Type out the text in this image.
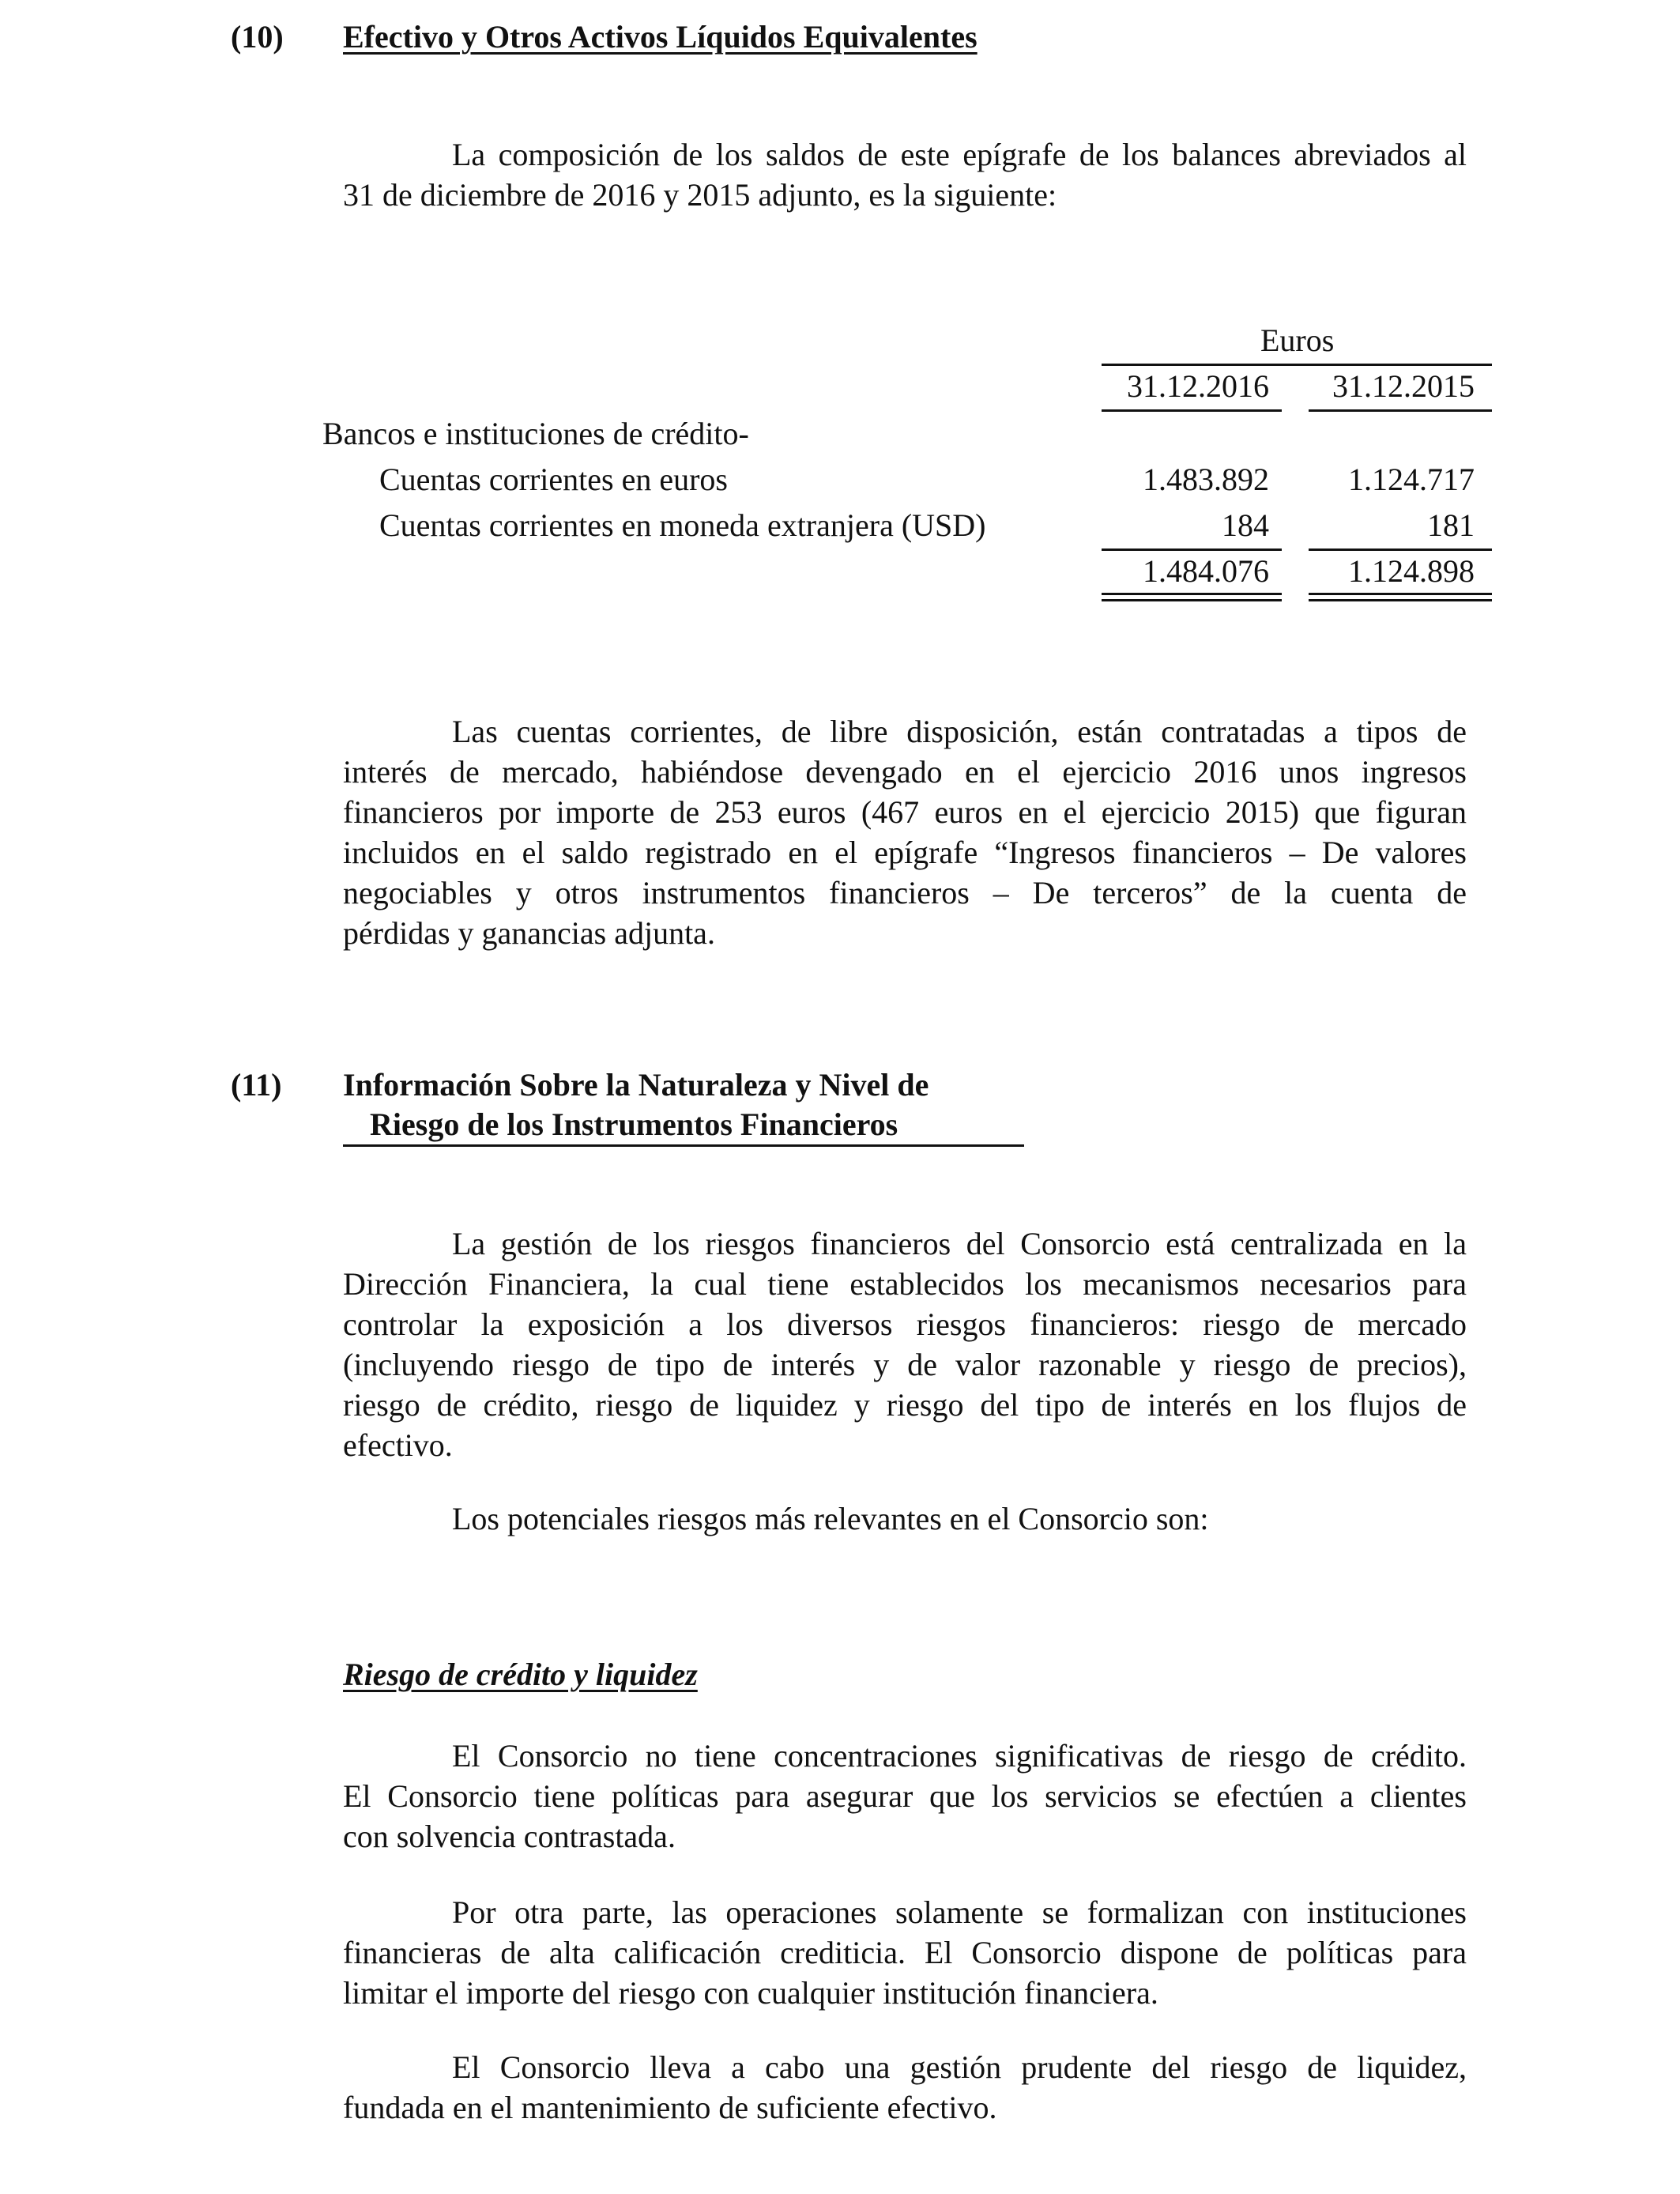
(10) Efectivo y Otros Activos Líquidos Equivalentes
La composición de los saldos de este epígrafe de los balances abreviados al
31 de diciembre de 2016 y 2015 adjunto, es la siguiente:
Euros
31.12.2016	31.12.2015
Bancos e instituciones de crédito-
Cuentas corrientes en euros	1.483.892	1.124.717
Cuentas corrientes en moneda extranjera (USD)	184	181
1.484.076	1.124.898
Las cuentas corrientes, de libre disposición, están contratadas a tipos de
interés de mercado, habiéndose devengado en el ejercicio 2016 unos ingresos
financieros por importe de 253 euros (467 euros en el ejercicio 2015) que figuran
incluidos en el saldo registrado en el epígrafe “Ingresos financieros – De valores
negociables y otros instrumentos financieros – De terceros” de la cuenta de
pérdidas y ganancias adjunta.
(11) Información Sobre la Naturaleza y Nivel de
Riesgo de los Instrumentos Financieros
La gestión de los riesgos financieros del Consorcio está centralizada en la
Dirección Financiera, la cual tiene establecidos los mecanismos necesarios para
controlar la exposición a los diversos riesgos financieros: riesgo de mercado
(incluyendo riesgo de tipo de interés y de valor razonable y riesgo de precios),
riesgo de crédito, riesgo de liquidez y riesgo del tipo de interés en los flujos de
efectivo.
Los potenciales riesgos más relevantes en el Consorcio son:
Riesgo de crédito y liquidez
El Consorcio no tiene concentraciones significativas de riesgo de crédito.
El Consorcio tiene políticas para asegurar que los servicios se efectúen a clientes
con solvencia contrastada.
Por otra parte, las operaciones solamente se formalizan con instituciones
financieras de alta calificación crediticia. El Consorcio dispone de políticas para
limitar el importe del riesgo con cualquier institución financiera.
El Consorcio lleva a cabo una gestión prudente del riesgo de liquidez,
fundada en el mantenimiento de suficiente efectivo.
